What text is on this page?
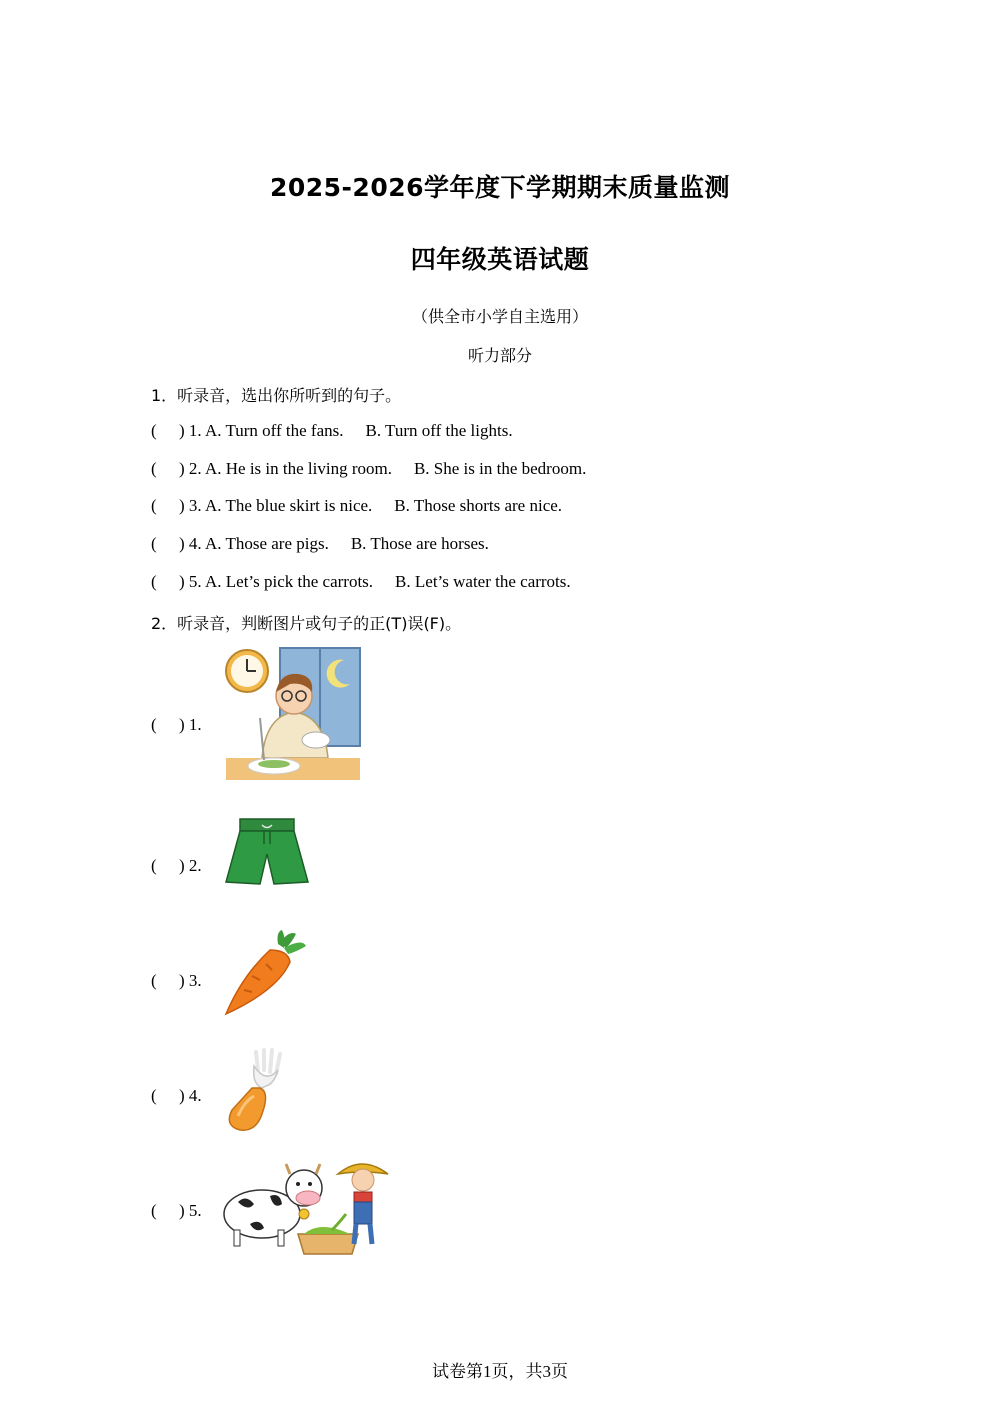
2025-2026学年度下学期期末质量监测
四年级英语试题
（供全市小学自主选用）
听力部分
1．听录音，选出你所听到的句子。
( ) 1. A. Turn off the fans. B. Turn off the lights.
( ) 2. A. He is in the living room. B. She is in the bedroom.
( ) 3. A. The blue skirt is nice. B. Those shorts are nice.
( ) 4. A. Those are pigs. B. Those are horses.
( ) 5. A. Let’s pick the carrots. B. Let’s water the carrots.
2．听录音，判断图片或句子的正(T)误(F)。
( ) 1.
( ) 2.
( ) 3.
( ) 4.
( ) 5.
试卷第1页，共3页
